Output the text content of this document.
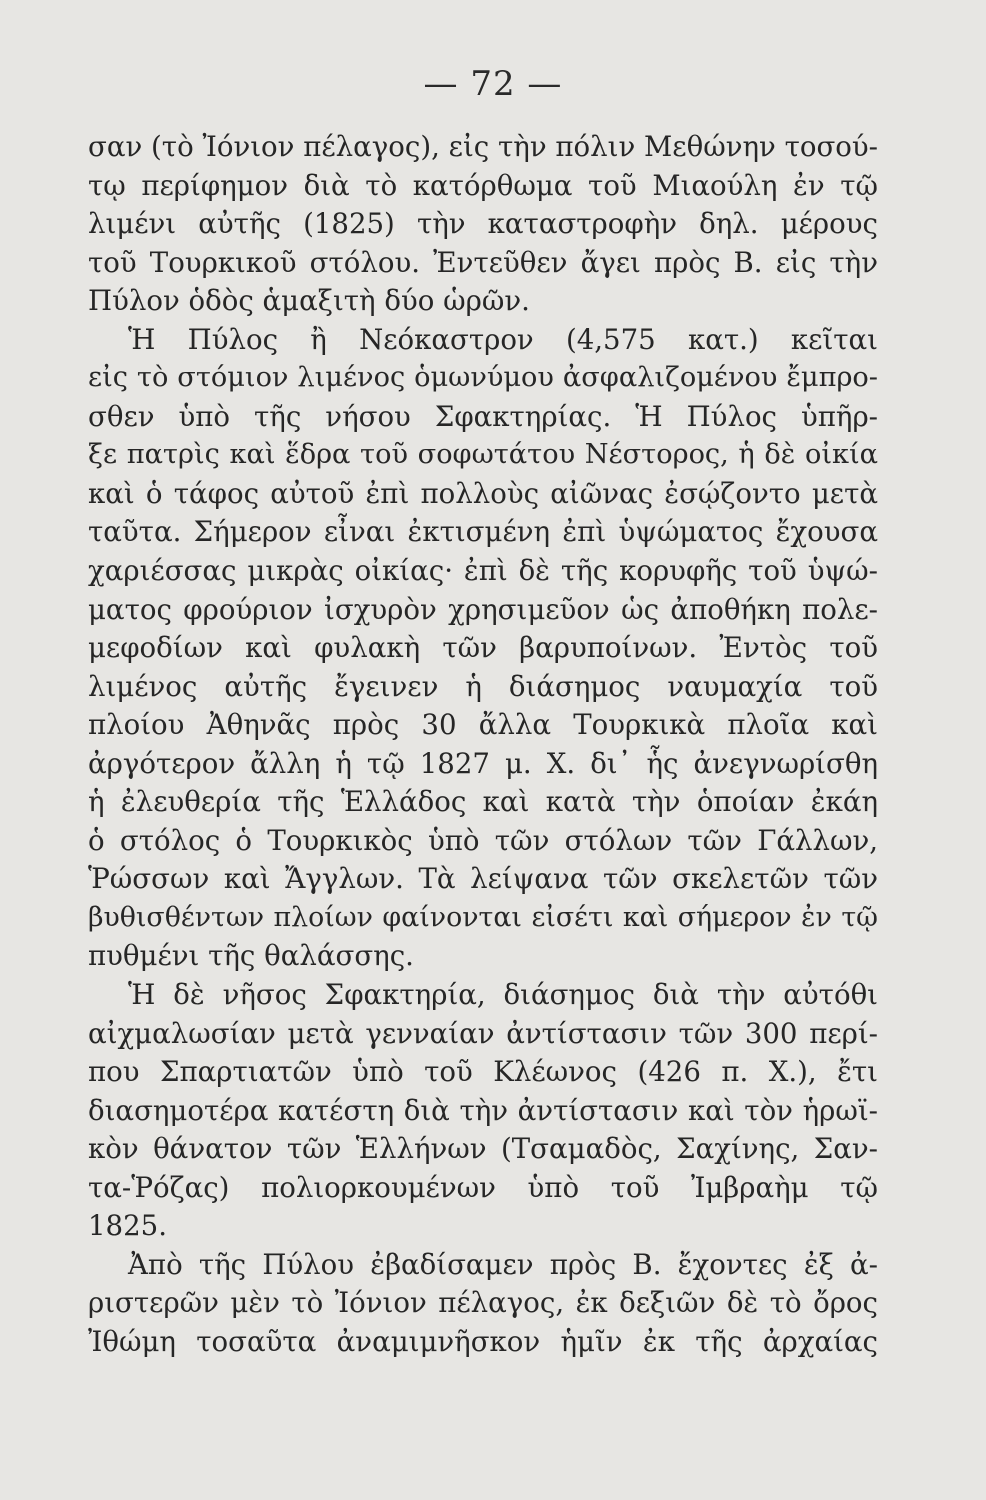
— 72 —
σαν (τὸ Ἰόνιον πέλαγος), εἰς τὴν πόλιν Μεθώνην τοσού-
τῳ περίφημον διὰ τὸ κατόρθωμα τοῦ Μιαούλη ἐν τῷ
λιμένι αὐτῆς (1825) τὴν καταστροφὴν δηλ. μέρους
τοῦ Τουρκικοῦ στόλου. Ἐντεῦθεν ἄγει πρὸς Β. εἰς τὴν
Πύλον ὁδὸς ἁμαξιτὴ δύο ὡρῶν.
Ἡ Πύλος ἢ Νεόκαστρον (4,575 κατ.) κεῖται
εἰς τὸ στόμιον λιμένος ὁμωνύμου ἀσφαλιζομένου ἔμπρο-
σθεν ὑπὸ τῆς νήσου Σφακτηρίας. Ἡ Πύλος ὑπῆρ-
ξε πατρὶς καὶ ἕδρα τοῦ σοφωτάτου Νέστορος, ἡ δὲ οἰκία
καὶ ὁ τάφος αὐτοῦ ἐπὶ πολλοὺς αἰῶνας ἐσῴζοντο μετὰ
ταῦτα. Σήμερον εἶναι ἐκτισμένη ἐπὶ ὑψώματος ἔχουσα
χαριέσσας μικρὰς οἰκίας· ἐπὶ δὲ τῆς κορυφῆς τοῦ ὑψώ-
ματος φρούριον ἰσχυρὸν χρησιμεῦον ὡς ἀποθήκη πολε-
μεφοδίων καὶ φυλακὴ τῶν βαρυποίνων. Ἐντὸς τοῦ
λιμένος αὐτῆς ἔγεινεν ἡ διάσημος ναυμαχία τοῦ
πλοίου Ἀθηνᾶς πρὸς 30 ἄλλα Τουρκικὰ πλοῖα καὶ
ἀργότερον ἄλλη ἡ τῷ 1827 μ. Χ. δι᾽ ἧς ἀνεγνωρίσθη
ἡ ἐλευθερία τῆς Ἑλλάδος καὶ κατὰ τὴν ὁποίαν ἐκάη
ὁ στόλος ὁ Τουρκικὸς ὑπὸ τῶν στόλων τῶν Γάλλων,
Ῥώσσων καὶ Ἄγγλων. Τὰ λείψανα τῶν σκελετῶν τῶν
βυθισθέντων πλοίων φαίνονται εἰσέτι καὶ σήμερον ἐν τῷ
πυθμένι τῆς θαλάσσης.
Ἡ δὲ νῆσος Σφακτηρία, διάσημος διὰ τὴν αὐτόθι
αἰχμαλωσίαν μετὰ γενναίαν ἀντίστασιν τῶν 300 περί-
που Σπαρτιατῶν ὑπὸ τοῦ Κλέωνος (426 π. Χ.), ἔτι
διασημοτέρα κατέστη διὰ τὴν ἀντίστασιν καὶ τὸν ἡρωϊ-
κὸν θάνατον τῶν Ἑλλήνων (Τσαμαδὸς, Σαχίνης, Σαν-
τα-Ῥόζας) πολιορκουμένων ὑπὸ τοῦ Ἰμβραὴμ τῷ
1825.
Ἀπὸ τῆς Πύλου ἐβαδίσαμεν πρὸς Β. ἔχοντες ἐξ ἀ-
ριστερῶν μὲν τὸ Ἰόνιον πέλαγος, ἐκ δεξιῶν δὲ τὸ ὄρος
Ἰθώμη τοσαῦτα ἀναμιμνῆσκον ἡμῖν ἐκ τῆς ἀρχαίας
